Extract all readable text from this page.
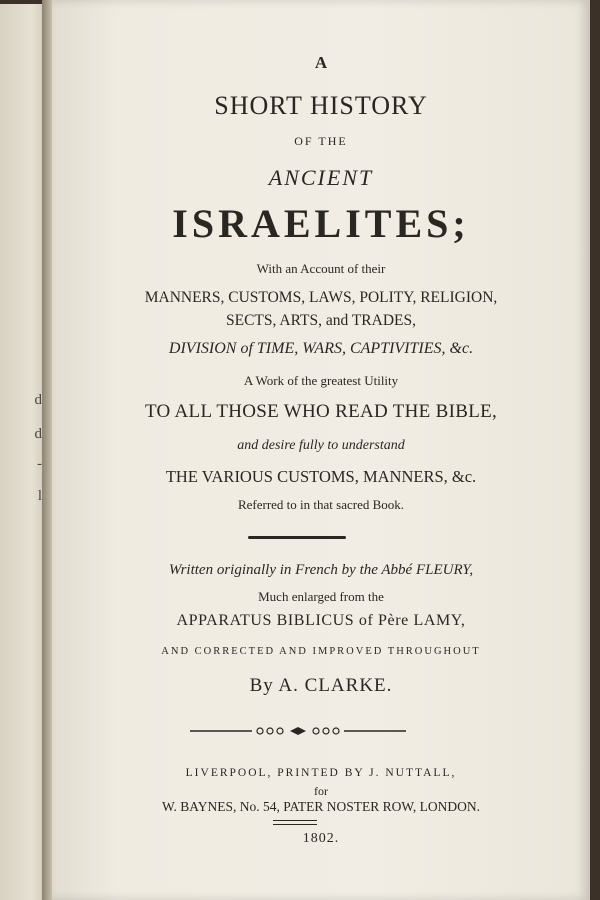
d
d
-
l
A
SHORT HISTORY
OF THE
ANCIENT
ISRAELITES;
With an Account of their
MANNERS, CUSTOMS, LAWS, POLITY, RELIGION,
SECTS, ARTS, and TRADES,
DIVISION of TIME, WARS, CAPTIVITIES, &c.
A Work of the greatest Utility
TO ALL THOSE WHO READ THE BIBLE,
and desire fully to understand
THE VARIOUS CUSTOMS, MANNERS, &c.
Referred to in that sacred Book.
Written originally in French by the Abbé FLEURY,
Much enlarged from the
APPARATUS BIBLICUS of Père LAMY,
AND CORRECTED AND IMPROVED THROUGHOUT
By A. CLARKE.
LIVERPOOL, PRINTED BY J. NUTTALL,
for
W. BAYNES, No. 54, PATER NOSTER ROW, LONDON.
1802.
